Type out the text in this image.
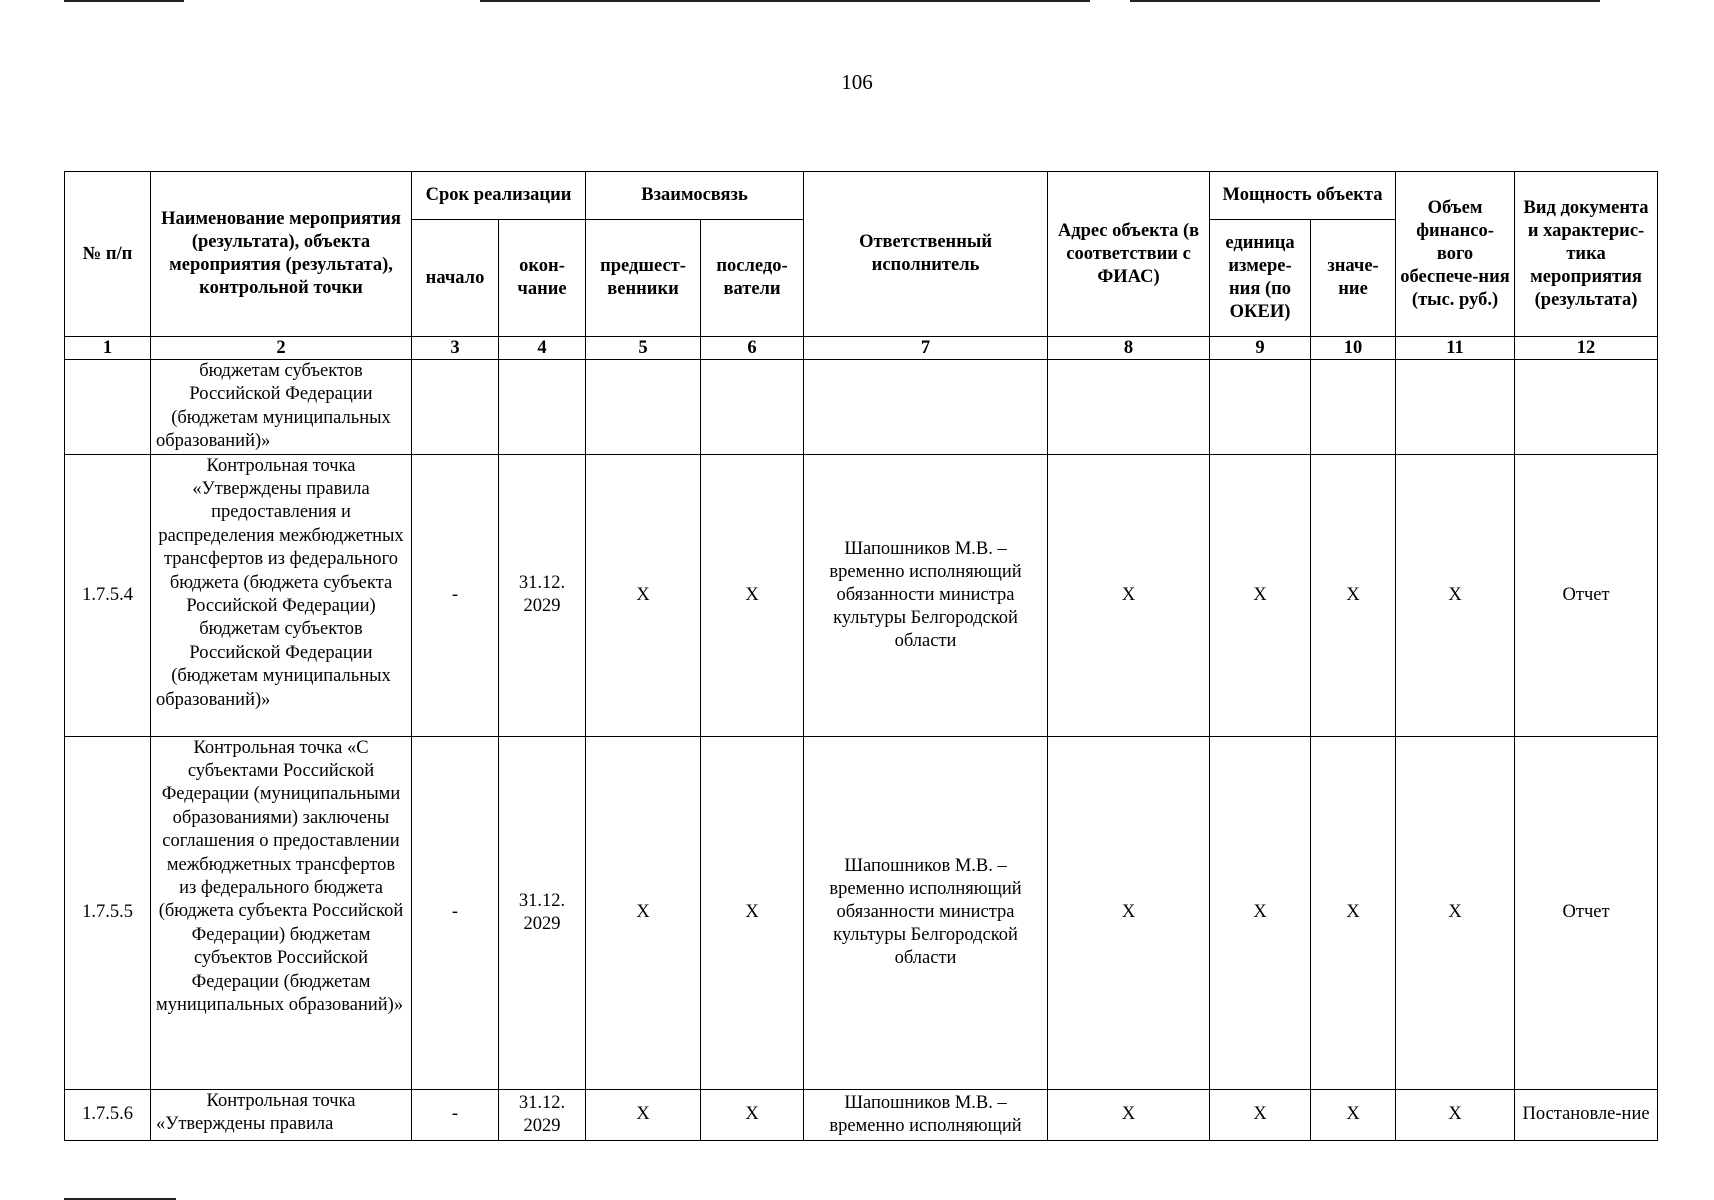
106
№ п/п	Наименование мероприятия (результата), объекта мероприятия (результата), контрольной точки	Срок реализации		Взаимосвязь		Ответственный исполнитель	Адрес объекта (в соответствии с ФИАС)	Мощность объекта		Объем финансо-вого обеспече-ния (тыс. руб.)	Вид документа и характерис-тика мероприятия (результата)
		начало	окон-чание	предшест-венники	последо-ватели			единица измере-ния (по ОКЕИ)	значе-ние		
1	2	3	4	5	6	7	8	9	10	11	12
	бюджетам субъектов Российской Федерации (бюджетам муниципальных образований)»										
1.7.5.4	Контрольная точка «Утверждены правила предоставления и распределения межбюджетных трансфертов из федерального бюджета (бюджета субъекта Российской Федерации) бюджетам субъектов Российской Федерации (бюджетам муниципальных образований)»	-	31.12. 2029	Х	Х	Шапошников М.В. – временно исполняющий обязанности министра культуры Белгородской области	Х	Х	Х	Х	Отчет
1.7.5.5	Контрольная точка «С субъектами Российской Федерации (муниципальными образованиями) заключены соглашения о предоставлении межбюджетных трансфертов из федерального бюджета (бюджета субъекта Российской Федерации) бюджетам субъектов Российской Федерации (бюджетам муниципальных образований)»	-	31.12. 2029	Х	Х	Шапошников М.В. – временно исполняющий обязанности министра культуры Белгородской области	Х	Х	Х	Х	Отчет
1.7.5.6	Контрольная точка «Утверждены правила	-	31.12. 2029	Х	Х	Шапошников М.В. – временно исполняющий	Х	Х	Х	Х	Постановле-ние
